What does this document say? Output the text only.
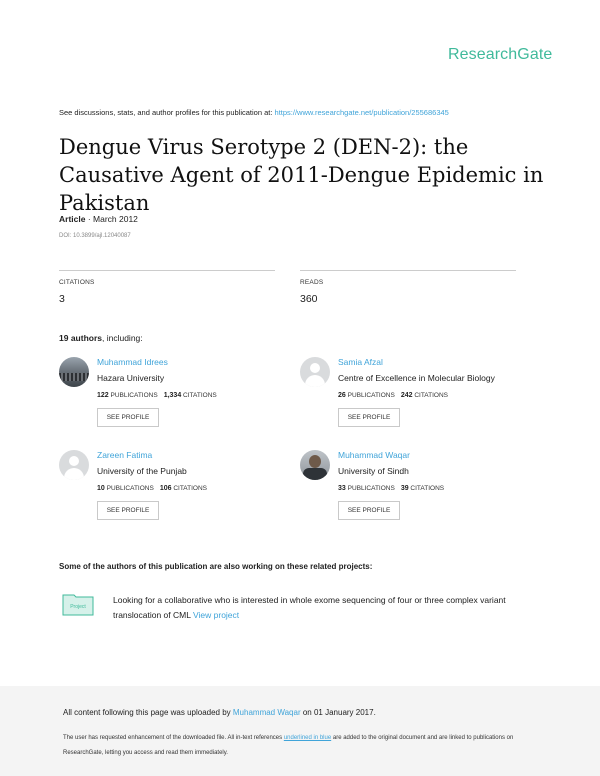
ResearchGate
See discussions, stats, and author profiles for this publication at: https://www.researchgate.net/publication/255686345
Dengue Virus Serotype 2 (DEN-2): the Causative Agent of 2011-Dengue Epidemic in Pakistan
Article · March 2012
DOI: 10.3899/ajl.12040087
CITATIONS
3
READS
360
19 authors, including:
Muhammad Idrees
Hazara University
122 PUBLICATIONS 1,334 CITATIONS
SEE PROFILE
Samia Afzal
Centre of Excellence in Molecular Biology
26 PUBLICATIONS 242 CITATIONS
SEE PROFILE
Zareen Fatima
University of the Punjab
10 PUBLICATIONS 106 CITATIONS
SEE PROFILE
Muhammad Waqar
University of Sindh
33 PUBLICATIONS 39 CITATIONS
SEE PROFILE
Some of the authors of this publication are also working on these related projects:
Project
Looking for a collaborative who is interested in whole exome sequencing of four or three complex variant translocation of CML View project
All content following this page was uploaded by Muhammad Waqar on 01 January 2017.
The user has requested enhancement of the downloaded file. All in-text references underlined in blue are added to the original document and are linked to publications on ResearchGate, letting you access and read them immediately.
